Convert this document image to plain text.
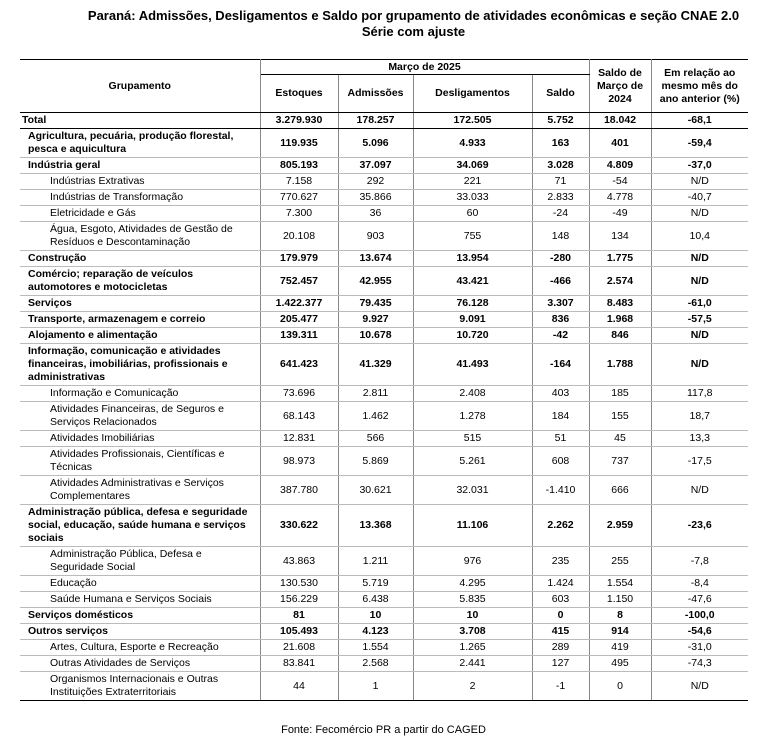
Paraná: Admissões, Desligamentos e Saldo por grupamento de atividades econômicas e seção CNAE 2.0
Série com ajuste
Grupamento	Março de 2025				Saldo de Março de 2024	Em relação ao mesmo mês do ano anterior (%)
	Estoques	Admissões	Desligamentos	Saldo		
Total	3.279.930	178.257	172.505	5.752	18.042	-68,1
Agricultura, pecuária, produção florestal, pesca e aquicultura	119.935	5.096	4.933	163	401	-59,4
Indústria geral	805.193	37.097	34.069	3.028	4.809	-37,0
Indústrias Extrativas	7.158	292	221	71	-54	N/D
Indústrias de Transformação	770.627	35.866	33.033	2.833	4.778	-40,7
Eletricidade e Gás	7.300	36	60	-24	-49	N/D
Água, Esgoto, Atividades de Gestão de Resíduos e Descontaminação	20.108	903	755	148	134	10,4
Construção	179.979	13.674	13.954	-280	1.775	N/D
Comércio; reparação de veículos automotores e motocicletas	752.457	42.955	43.421	-466	2.574	N/D
Serviços	1.422.377	79.435	76.128	3.307	8.483	-61,0
Transporte, armazenagem e correio	205.477	9.927	9.091	836	1.968	-57,5
Alojamento e alimentação	139.311	10.678	10.720	-42	846	N/D
Informação, comunicação e atividades financeiras, imobiliárias, profissionais e administrativas	641.423	41.329	41.493	-164	1.788	N/D
Informação e Comunicação	73.696	2.811	2.408	403	185	117,8
Atividades Financeiras, de Seguros e Serviços Relacionados	68.143	1.462	1.278	184	155	18,7
Atividades Imobiliárias	12.831	566	515	51	45	13,3
Atividades Profissionais, Científicas e Técnicas	98.973	5.869	5.261	608	737	-17,5
Atividades Administrativas e Serviços Complementares	387.780	30.621	32.031	-1.410	666	N/D
Administração pública, defesa e seguridade social, educação, saúde humana e serviços sociais	330.622	13.368	11.106	2.262	2.959	-23,6
Administração Pública, Defesa e Seguridade Social	43.863	1.211	976	235	255	-7,8
Educação	130.530	5.719	4.295	1.424	1.554	-8,4
Saúde Humana e Serviços Sociais	156.229	6.438	5.835	603	1.150	-47,6
Serviços domésticos	81	10	10	0	8	-100,0
Outros serviços	105.493	4.123	3.708	415	914	-54,6
Artes, Cultura, Esporte e Recreação	21.608	1.554	1.265	289	419	-31,0
Outras Atividades de Serviços	83.841	2.568	2.441	127	495	-74,3
Organismos Internacionais e Outras Instituições Extraterritoriais	44	1	2	-1	0	N/D
Fonte: Fecomércio PR a partir do CAGED
